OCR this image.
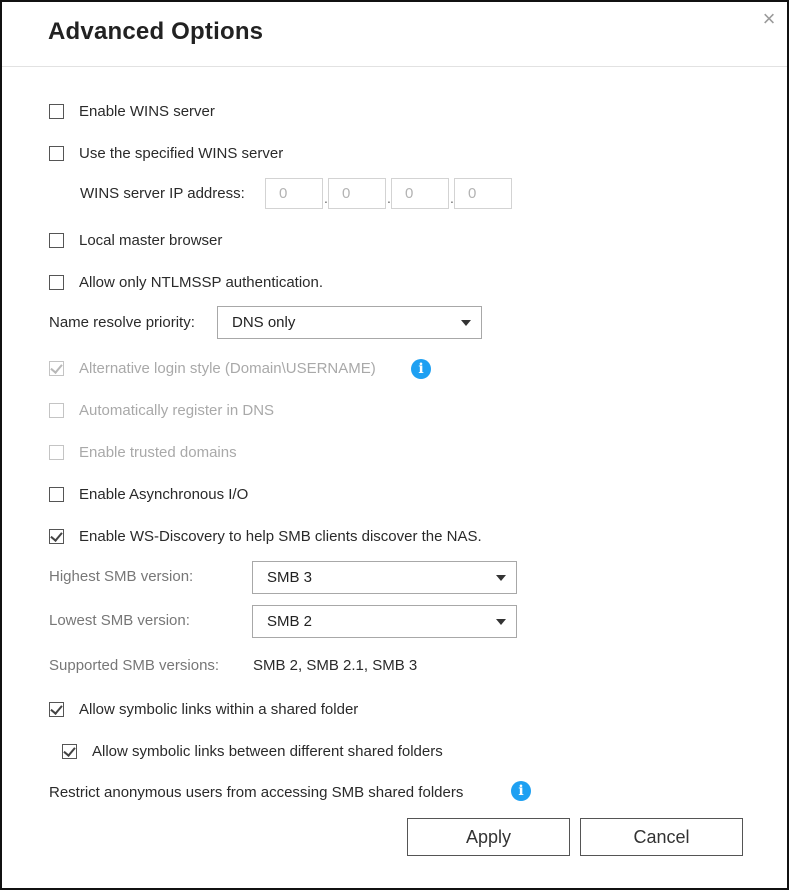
Advanced Options	×
Enable WINS server
Use the specified WINS server
WINS server IP address:	0	. 0	. 0	. 0
Local master browser
Allow only NTLMSSP authentication.
Name resolve priority:	DNS only
Alternative login style (Domain\USERNAME)	i
Automatically register in DNS
Enable trusted domains
Enable Asynchronous I/O
Enable WS-Discovery to help SMB clients discover the NAS.
Highest SMB version:	SMB 3
Lowest SMB version:	SMB 2
Supported SMB versions: SMB 2, SMB 2.1, SMB 3
Allow symbolic links within a shared folder
Allow symbolic links between different shared folders
Restrict anonymous users from accessing SMB shared folders	i
Apply	Cancel
